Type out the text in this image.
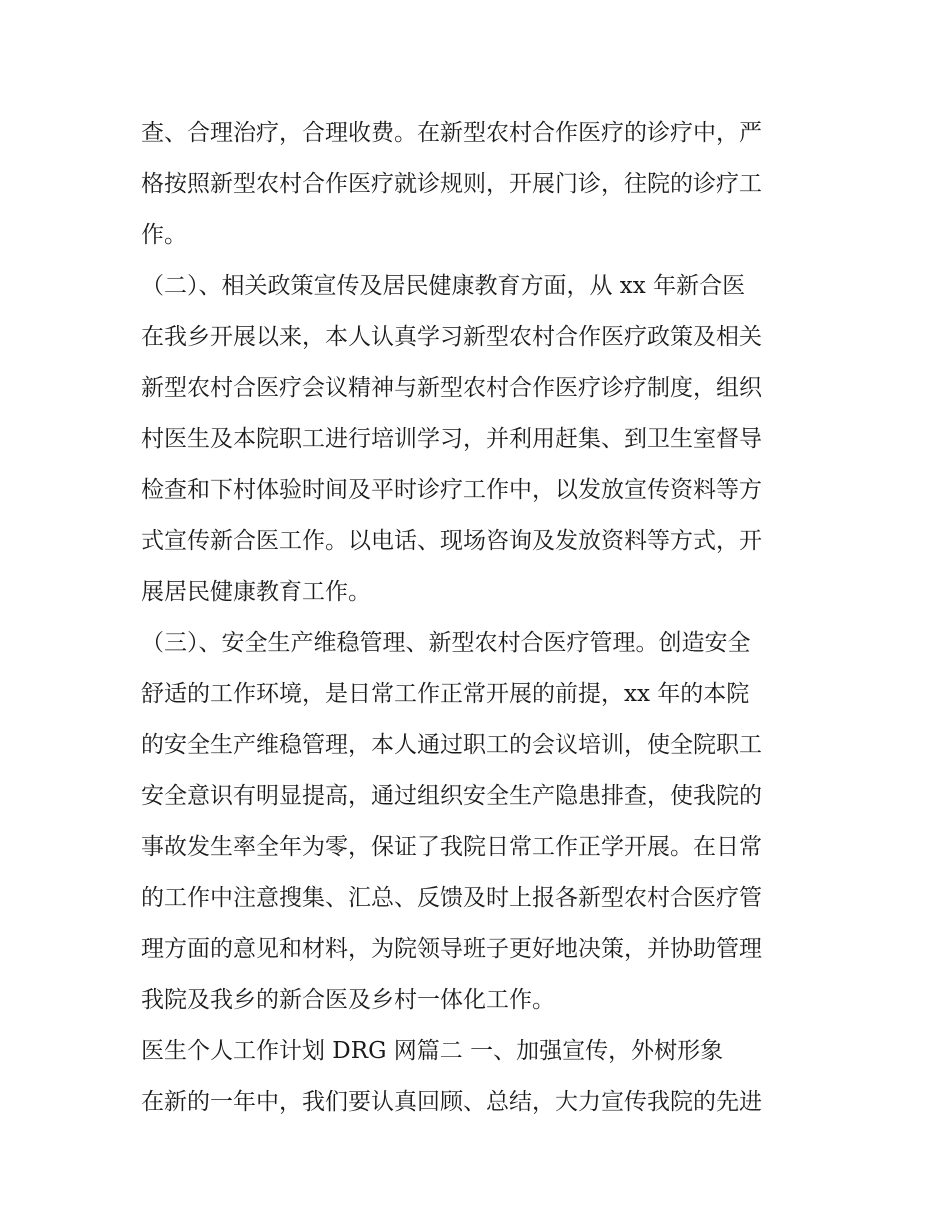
查、合理治疗，合理收费。在新型农村合作医疗的诊疗中，严
格按照新型农村合作医疗就诊规则，开展门诊，往院的诊疗工
作。
（二）、相关政策宣传及居民健康教育方面，从 xx 年新合医
在我乡开展以来，本人认真学习新型农村合作医疗政策及相关
新型农村合医疗会议精神与新型农村合作医疗诊疗制度，组织
村医生及本院职工进行培训学习，并利用赶集、到卫生室督导
检查和下村体验时间及平时诊疗工作中，以发放宣传资料等方
式宣传新合医工作。以电话、现场咨询及发放资料等方式，开
展居民健康教育工作。
（三）、安全生产维稳管理、新型农村合医疗管理。创造安全
舒适的工作环境，是日常工作正常开展的前提，xx 年的本院
的安全生产维稳管理，本人通过职工的会议培训，使全院职工
安全意识有明显提高，通过组织安全生产隐患排查，使我院的
事故发生率全年为零，保证了我院日常工作正学开展。在日常
的工作中注意搜集、汇总、反馈及时上报各新型农村合医疗管
理方面的意见和材料，为院领导班子更好地决策，并协助管理
我院及我乡的新合医及乡村一体化工作。
医生个人工作计划 DRG 网篇二 一、加强宣传，外树形象
在新的一年中，我们要认真回顾、总结，大力宣传我院的先进
